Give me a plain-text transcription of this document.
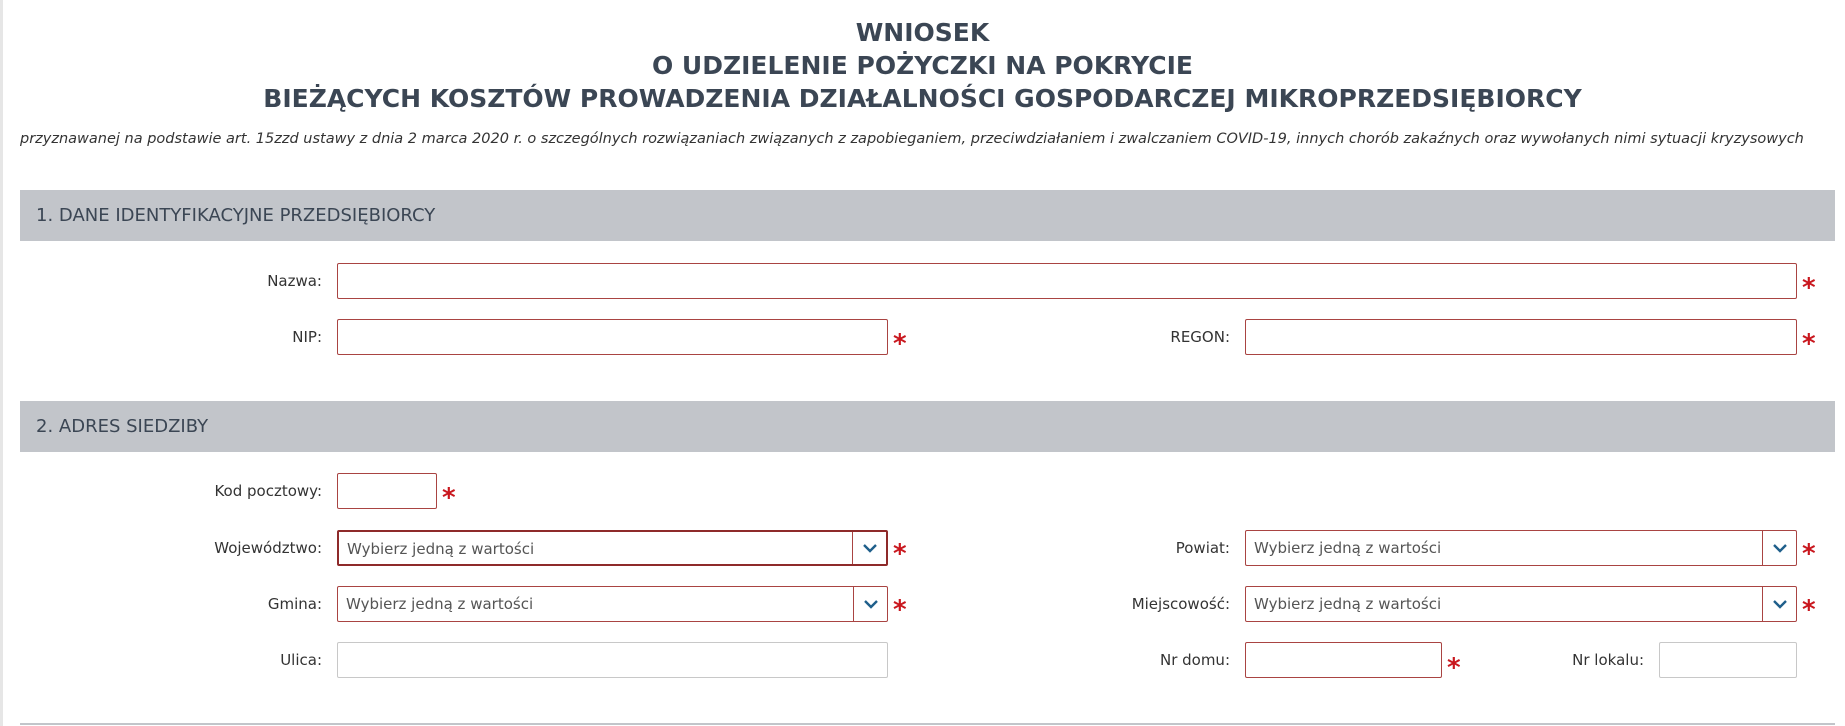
WNIOSEK
O UDZIELENIE POŻYCZKI NA POKRYCIE
BIEŻĄCYCH KOSZTÓW PROWADZENIA DZIAŁALNOŚCI GOSPODARCZEJ MIKROPRZEDSIĘBIORCY
przyznawanej na podstawie art. 15zzd ustawy z dnia 2 marca 2020 r. o szczególnych rozwiązaniach związanych z zapobieganiem, przeciwdziałaniem i zwalczaniem COVID-19, innych chorób zakaźnych oraz wywołanych nimi sytuacji kryzysowych
1. DANE IDENTYFIKACYJNE PRZEDSIĘBIORCY
Nazwa:	*
NIP:	*	REGON:	*
2. ADRES SIEDZIBY
Kod pocztowy:	*
Województwo: Wybierz jedną z wartości	*	Powiat: Wybierz jedną z wartości	*
Gmina: Wybierz jedną z wartości	*	Miejscowość: Wybierz jedną z wartości	*
Ulica:	Nr domu:	*	Nr lokalu:
